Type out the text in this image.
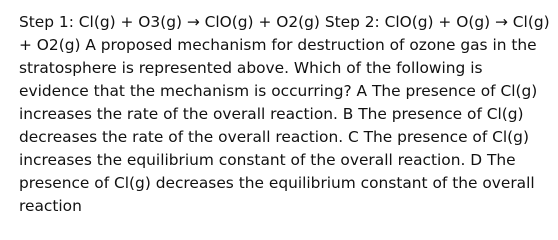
Step 1: Cl(g) + O3(g) → ClO(g) + O2(g) Step 2: ClO(g) + O(g) → Cl(g) + O2(g) A proposed mechanism for destruction of ozone gas in the stratosphere is represented above. Which of the following is evidence that the mechanism is occurring? A The presence of Cl(g) increases the rate of the overall reaction. B The presence of Cl(g) decreases the rate of the overall reaction. C The presence of Cl(g) increases the equilibrium constant of the overall reaction. D The presence of Cl(g) decreases the equilibrium constant of the overall reaction
